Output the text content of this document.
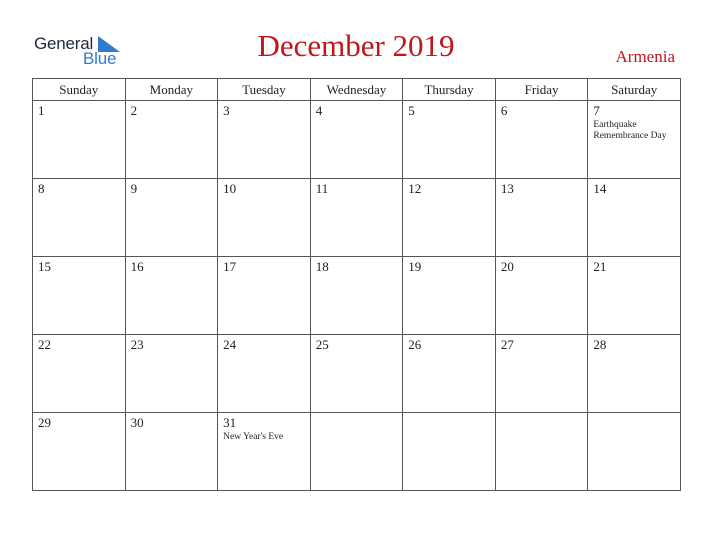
General
Blue	December 2019	Armenia
Sunday	Monday	Tuesday	Wednesday	Thursday	Friday	Saturday

1	2	3	4	5	6	7
Earthquake Remembrance Day

8	9	10	11	12	13	14

15	16	17	18	19	20	21

22	23	24	25	26	27	28

29	30	31
New Year's Eve				
